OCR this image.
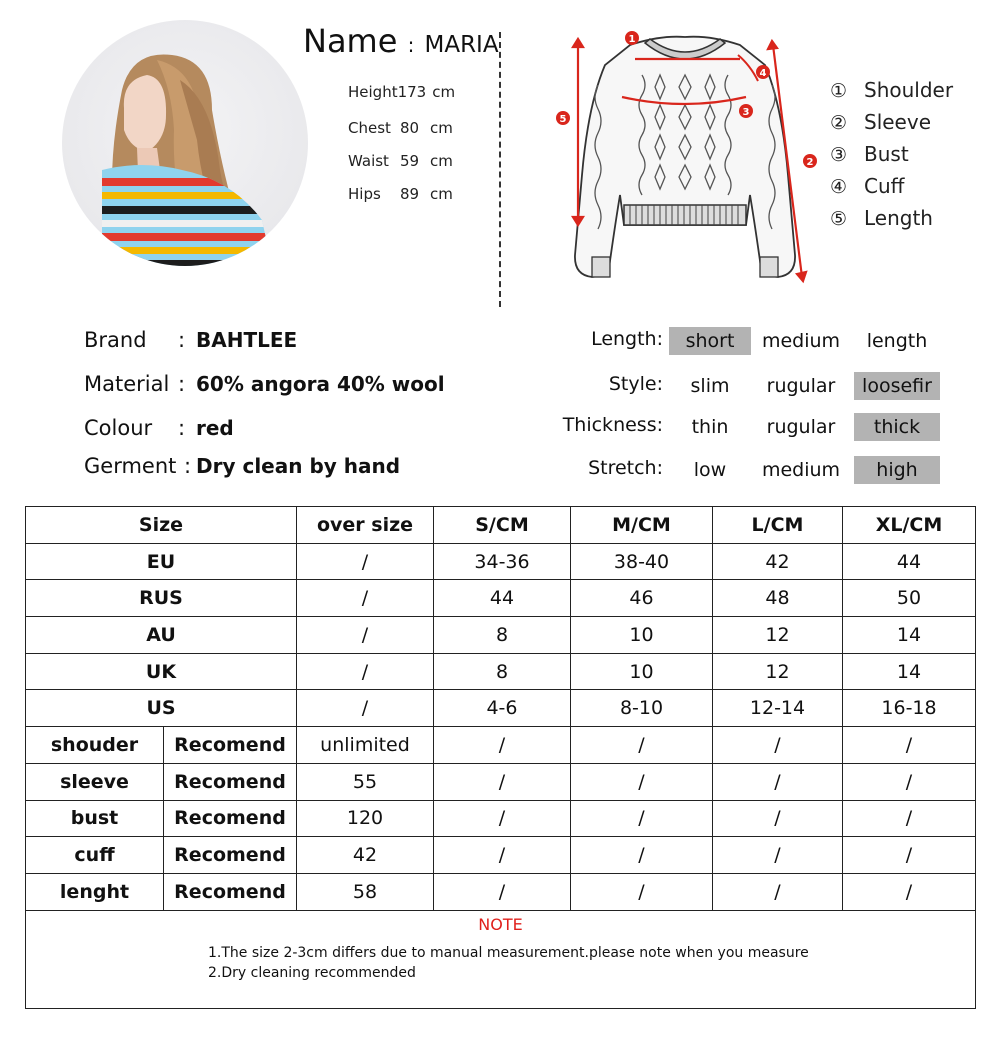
Name : MARIA
Height173 cm
Chest 80 cm
Waist 59 cm
Hips 89 cm
1
2
3
4
5
① Shoulder
② Sleeve
③ Bust
④ Cuff
⑤ Length
Brand : BAHTLEE
Material : 60% angora 40% wool
Colour : red
Germent : Dry clean by hand
Length:	short	medium	length
Style:	slim	rugular	loosefir
Thickness:	thin	rugular	thick
Stretch:	low	medium	high
Size		over size	S/CM	M/CM	L/CM	XL/CM
EU		/	34-36	38-40	42	44
RUS		/	44	46	48	50
AU		/	8	10	12	14
UK		/	8	10	12	14
US		/	4-6	8-10	12-14	16-18
shouder	Recomend	unlimited	/	/	/	/
sleeve	Recomend	55	/	/	/	/
bust	Recomend	120	/	/	/	/
cuff	Recomend	42	/	/	/	/
lenght	Recomend	58	/	/	/	/

NOTE
1.The size 2-3cm differs due to manual measurement.please note when you measure
2.Dry cleaning recommended						
